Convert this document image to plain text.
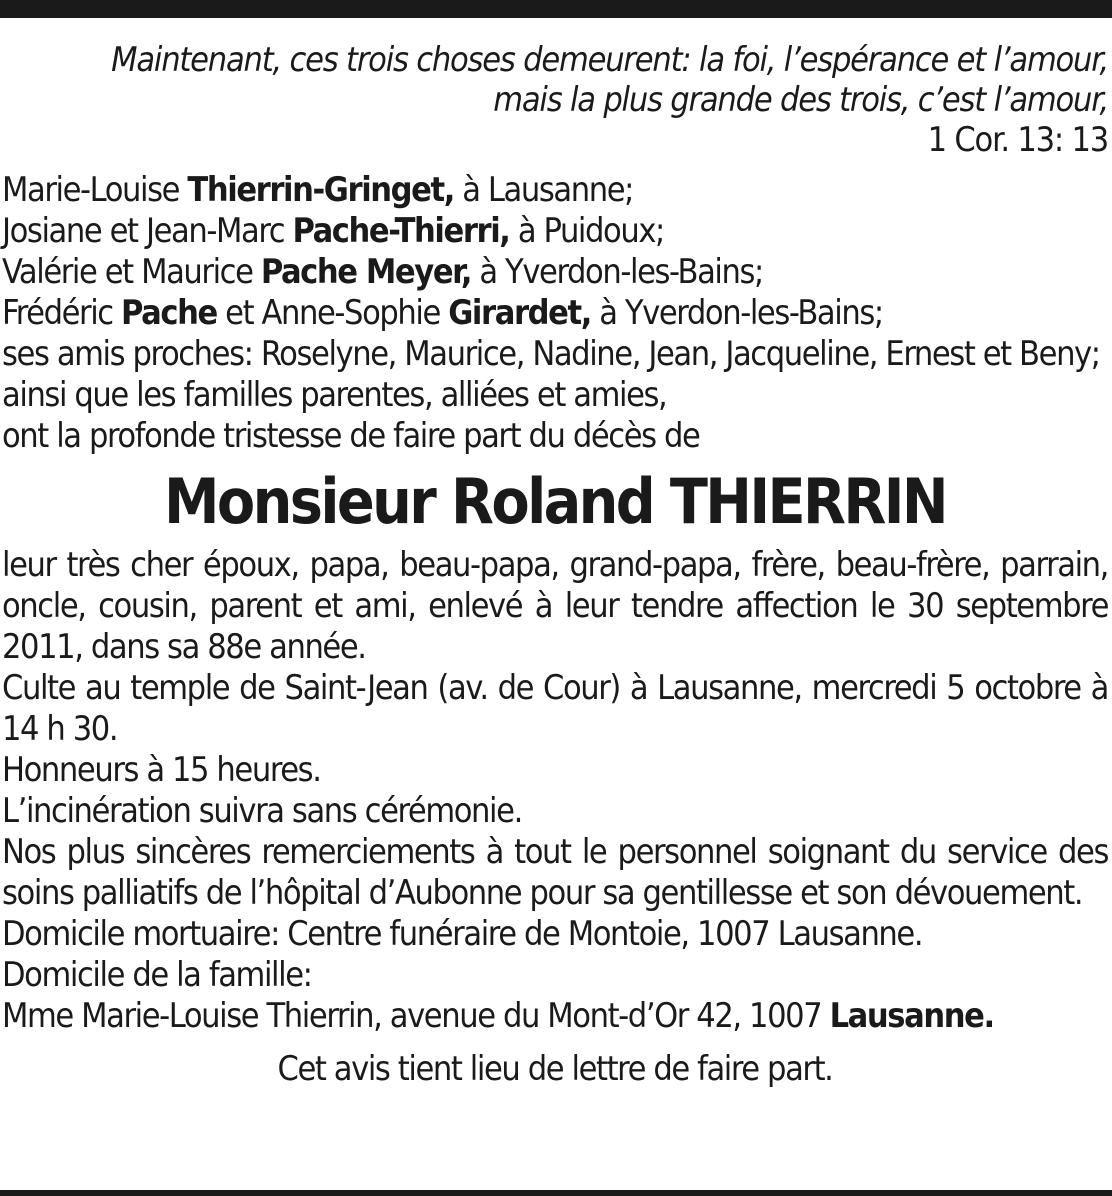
Maintenant, ces trois choses demeurent: la foi, l’espérance et l’amour,
mais la plus grande des trois, c’est l’amour,
1 Cor. 13: 13
Marie-Louise Thierrin-Gringet, à Lausanne;
Josiane et Jean-Marc Pache-Thierri, à Puidoux;
Valérie et Maurice Pache Meyer, à Yverdon-les-Bains;
Frédéric Pache et Anne-Sophie Girardet, à Yverdon-les-Bains;
ses amis proches: Roselyne, Maurice, Nadine, Jean, Jacqueline, Ernest et Beny;
ainsi que les familles parentes, alliées et amies,
ont la profonde tristesse de faire part du décès de
Monsieur Roland THIERRIN
leur très cher époux, papa, beau-papa, grand-papa, frère, beau-frère, parrain, oncle, cousin, parent et ami, enlevé à leur tendre affection le 30 septembre 2011, dans sa 88e année.
Culte au temple de Saint-Jean (av. de Cour) à Lausanne, mercredi 5 octobre à 14 h 30.
Honneurs à 15 heures.
L’incinération suivra sans cérémonie.
Nos plus sincères remerciements à tout le personnel soignant du service des soins palliatifs de l’hôpital d’Aubonne pour sa gentillesse et son dévouement.
Domicile mortuaire: Centre funéraire de Montoie, 1007 Lausanne.
Domicile de la famille:
Mme Marie-Louise Thierrin, avenue du Mont-d’Or 42, 1007 Lausanne.
Cet avis tient lieu de lettre de faire part.
